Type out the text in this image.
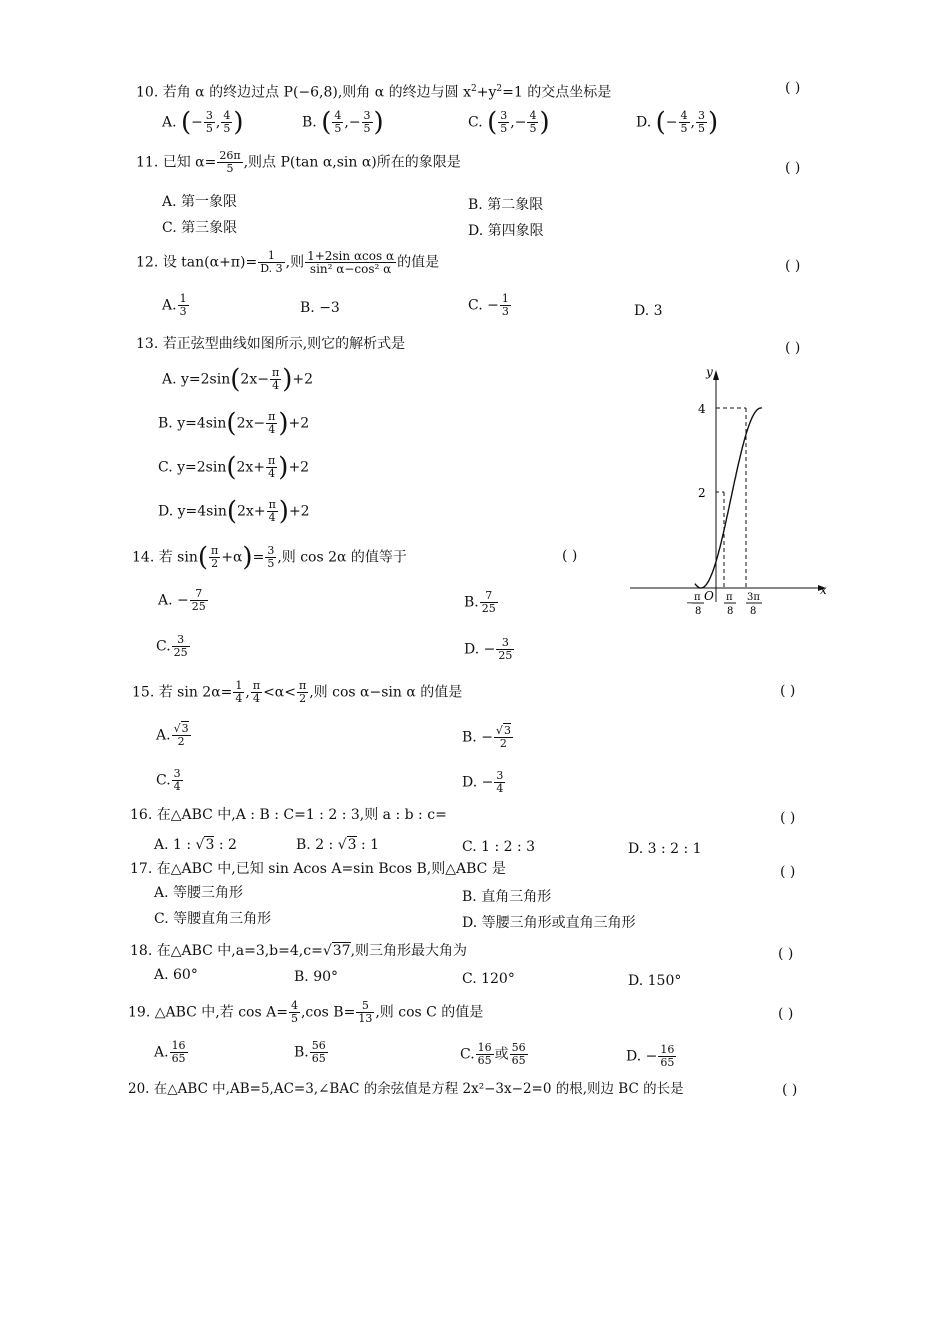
10. 若角 α 的终边过点 P(−6,8),则角 α 的终边与圆 $x^2+y^2=1$ 的交点坐标是	( )
A. (− $\frac{3}{5}$ , $\frac{4}{5}$ )	B. ( $\frac{4}{5}$ ,− $\frac{3}{5}$ )	C. ( $\frac{3}{5}$ ,− $\frac{4}{5}$ )	D. (− $\frac{4}{5}$ , $\frac{3}{5}$ )
11. 已知 $\alpha= \frac{26\pi}{5}$ ,则点 P(tan α,sin α)所在的象限是	( )
A. 第一象限	B. 第二象限
C. 第三象限	D. 第四象限
12. 设 $\tan(\alpha+\pi)= \frac{1}{D. 3}$ ,则 $\frac{\text{1+2sin αcos α}}{\text{sin² α−cos² α}}$ 的值是	( )
A. $\frac{1}{3}$	B. −3	C. − $\frac{1}{3}$	D. 3
13. 若正弦型曲线如图所示,则它的解析式是	( )
A. $y=2\sin(2x- \frac{\pi}{4} )+2$
B. $y=4\sin(2x- \frac{\pi}{4} )+2$
C. $y=2\sin(2x+ \frac{\pi}{4} )+2$
D. $y=4\sin(2x+ \frac{\pi}{4} )+2$
y
x
4
2
O
−
π
8
π
8
3π
8
14. 若 $\sin( \frac{\pi}{2} +\alpha)= \frac{3}{5}$ ,则 cos 2α 的值等于	( )
A. − $\frac{7}{25}$	B. $\frac{7}{25}$
C. $\frac{3}{25}$	D. − $\frac{3}{25}$
15. 若 $\sin 2\alpha= \frac{1}{4}$ , $\frac{\pi}{4} <\alpha< \frac{\pi}{2}$ ,则 cos α−sin α 的值是	( )
A. $\frac{√3}{2}$	B. − $\frac{√3}{2}$
C. $\frac{3}{4}$	D. − $\frac{3}{4}$
16. 在△ABC 中,A : B : C=1 : 2 : 3,则 a : b : c=	( )
A. 1 : √3 : 2	B. 2 : √3 : 1	C. 1 : 2 : 3	D. 3 : 2 : 1
17. 在△ABC 中,已知 sin Acos A=sin Bcos B,则△ABC 是	( )
A. 等腰三角形	B. 直角三角形
C. 等腰直角三角形	D. 等腰三角形或直角三角形
18. 在△ABC 中,a=3,b=4,c=√37,则三角形最大角为	( )
A. 60°	B. 90°	C. 120°	D. 150°
19. △ABC 中,若 $\cos A= \frac{4}{5} ,\cos$ $B= \frac{5}{13}$ ,则 cos C 的值是	( )
A. $\frac{16}{65}$	B. $\frac{56}{65}$	C. $\frac{16}{65}$ 或 $\frac{56}{65}$	D. − $\frac{16}{65}$
20. 在△ABC 中,AB=5,AC=3,∠BAC 的余弦值是方程 2x²−3x−2=0 的根,则边 BC 的长是	( )
